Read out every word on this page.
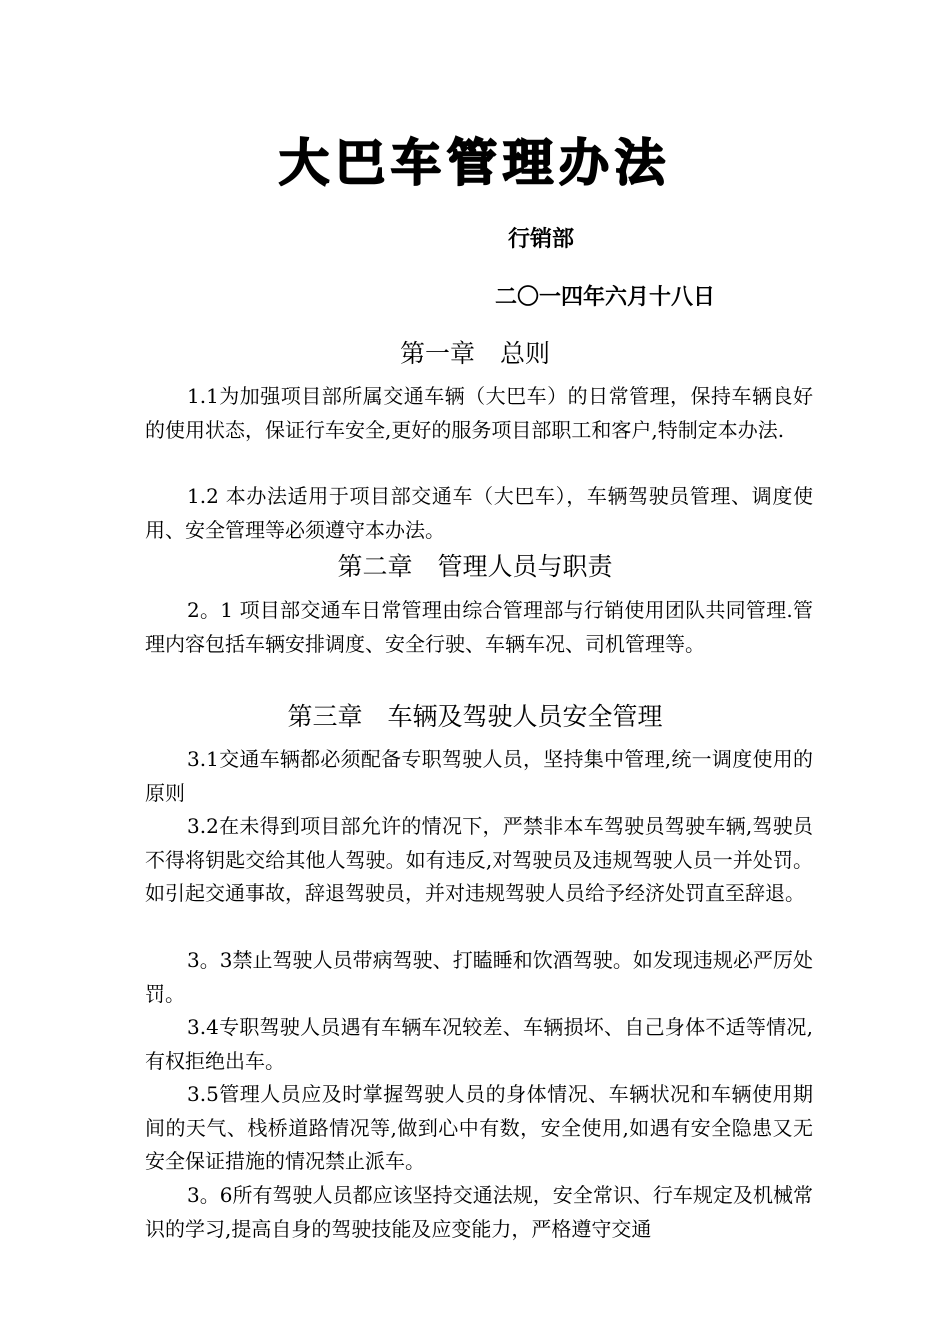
大巴车管理办法
行销部
二〇一四年六月十八日
第一章　总则
1.1为加强项目部所属交通车辆（大巴车）的日常管理，保持车辆良好的使用状态，保证行车安全,更好的服务项目部职工和客户,特制定本办法.
1.2 本办法适用于项目部交通车（大巴车），车辆驾驶员管理、调度使用、安全管理等必须遵守本办法。
第二章　管理人员与职责
2。1 项目部交通车日常管理由综合管理部与行销使用团队共同管理.管理内容包括车辆安排调度、安全行驶、车辆车况、司机管理等。
第三章　车辆及驾驶人员安全管理
3.1交通车辆都必须配备专职驾驶人员，坚持集中管理,统一调度使用的原则
3.2在未得到项目部允许的情况下，严禁非本车驾驶员驾驶车辆,驾驶员不得将钥匙交给其他人驾驶。如有违反,对驾驶员及违规驾驶人员一并处罚。如引起交通事故，辞退驾驶员，并对违规驾驶人员给予经济处罚直至辞退。
3。3禁止驾驶人员带病驾驶、打瞌睡和饮酒驾驶。如发现违规必严厉处罚。
3.4专职驾驶人员遇有车辆车况较差、车辆损坏、自己身体不适等情况,有权拒绝出车。
3.5管理人员应及时掌握驾驶人员的身体情况、车辆状况和车辆使用期间的天气、栈桥道路情况等,做到心中有数，安全使用,如遇有安全隐患又无安全保证措施的情况禁止派车。
3。6所有驾驶人员都应该坚持交通法规，安全常识、行车规定及机械常识的学习,提高自身的驾驶技能及应变能力，严格遵守交通
